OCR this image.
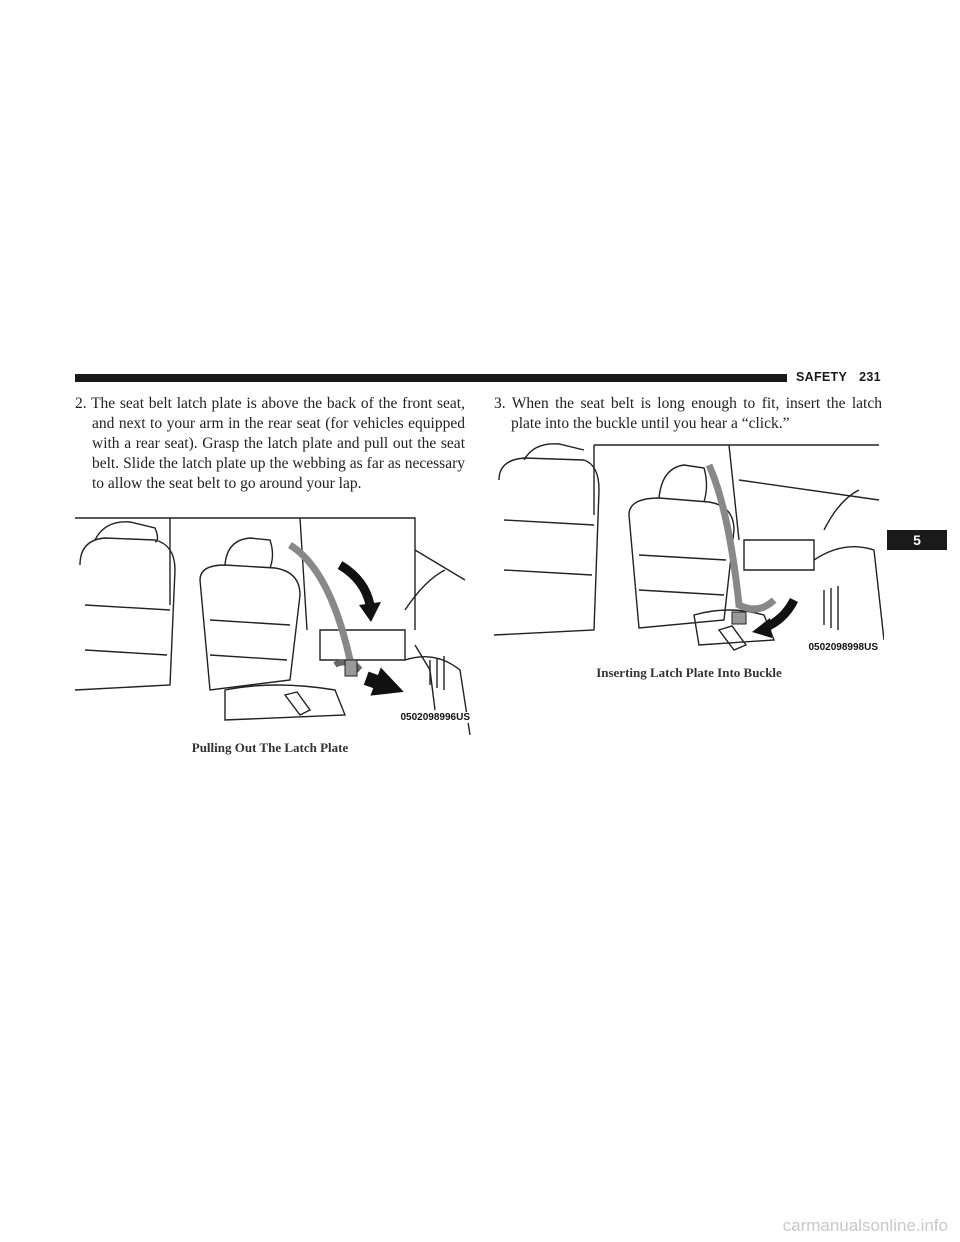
SAFETY 231
5
2. The seat belt latch plate is above the back of the front seat, and next to your arm in the rear seat (for vehicles equipped with a rear seat). Grasp the latch plate and pull out the seat belt. Slide the latch plate up the webbing as far as necessary to allow the seat belt to go around your lap.
3. When the seat belt is long enough to fit, insert the latch plate into the buckle until you hear a “click.”
0502098996US
Pulling Out The Latch Plate
0502098998US
Inserting Latch Plate Into Buckle
carmanualsonline.info
